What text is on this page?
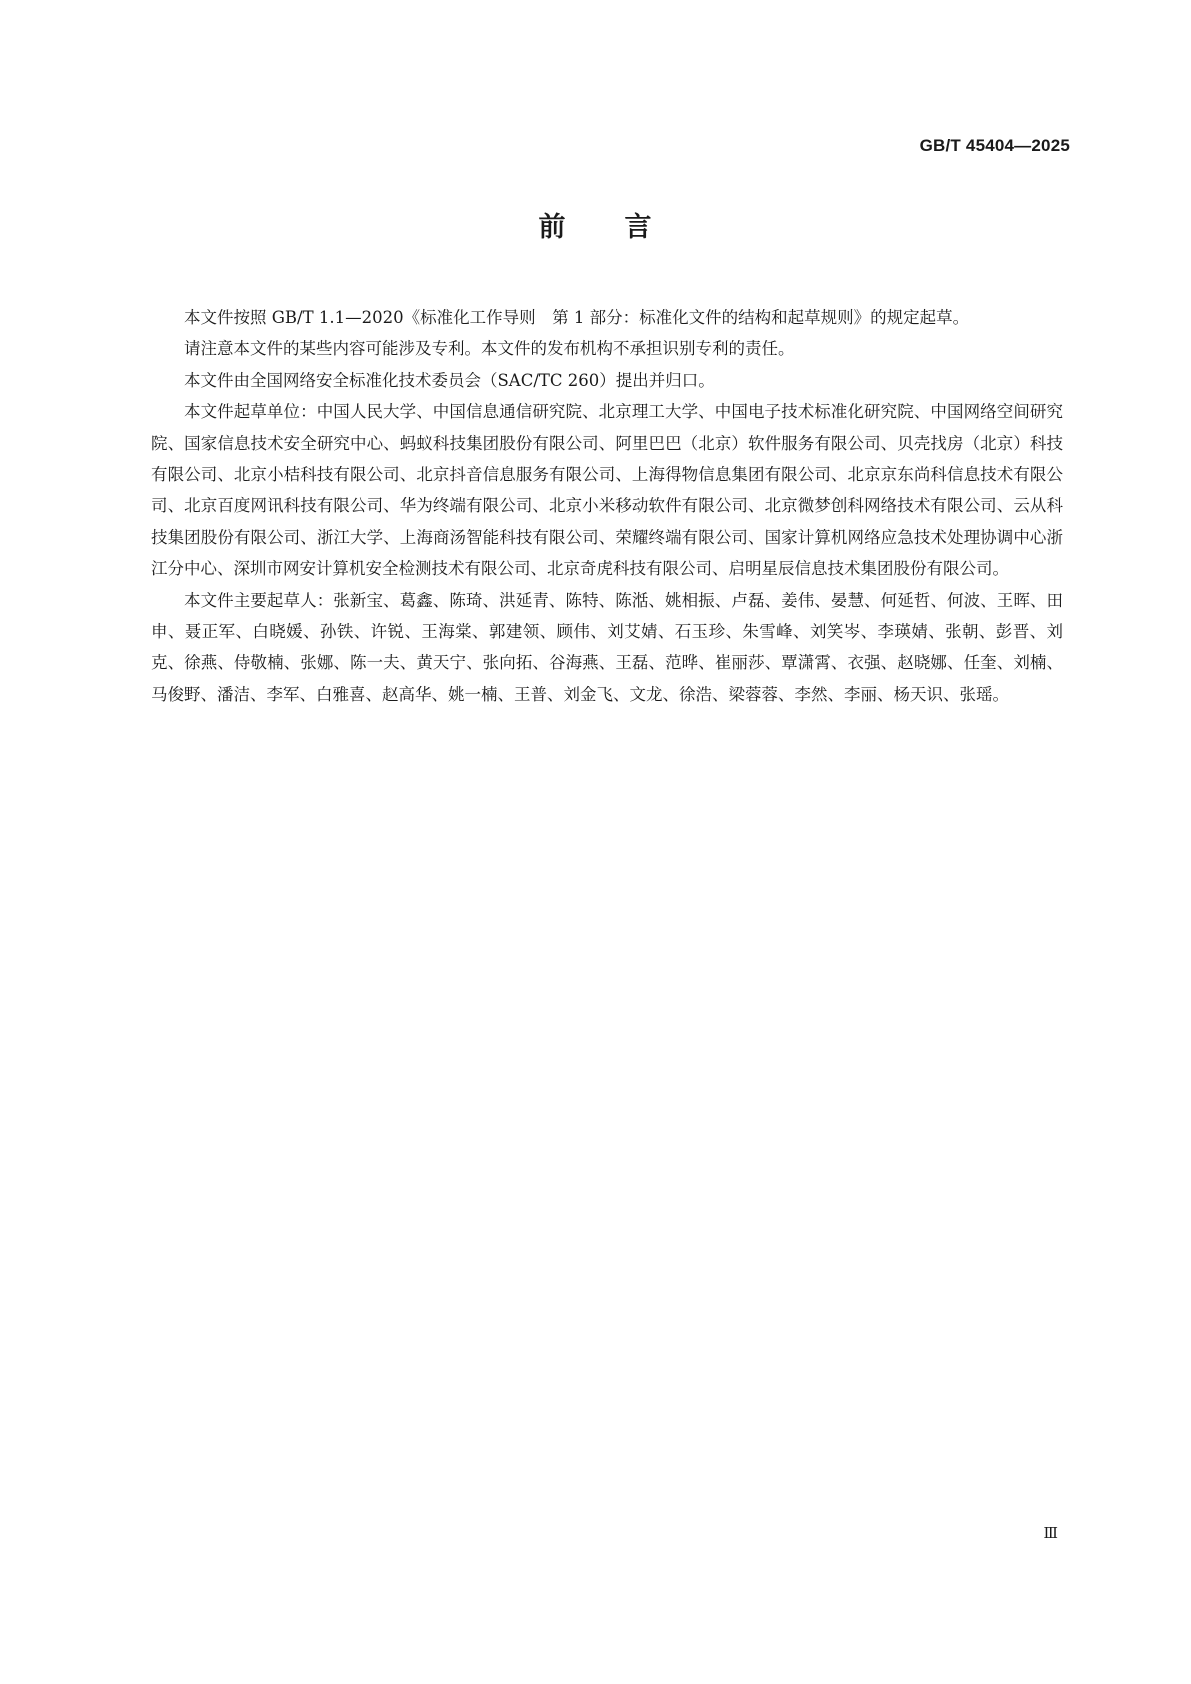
GB/T 45404—2025
前 言

本文件按照 GB/T 1.1—2020《标准化工作导则　第 1 部分：标准化文件的结构和起草规则》的规定起草。

请注意本文件的某些内容可能涉及专利。本文件的发布机构不承担识别专利的责任。

本文件由全国网络安全标准化技术委员会（SAC/TC 260）提出并归口。

本文件起草单位：中国人民大学、中国信息通信研究院、北京理工大学、中国电子技术标准化研究院、中国网络空间研究院、国家信息技术安全研究中心、蚂蚁科技集团股份有限公司、阿里巴巴（北京）软件服务有限公司、贝壳找房（北京）科技有限公司、北京小桔科技有限公司、北京抖音信息服务有限公司、上海得物信息集团有限公司、北京京东尚科信息技术有限公司、北京百度网讯科技有限公司、华为终端有限公司、北京小米移动软件有限公司、北京微梦创科网络技术有限公司、云从科技集团股份有限公司、浙江大学、上海商汤智能科技有限公司、荣耀终端有限公司、国家计算机网络应急技术处理协调中心浙江分中心、深圳市网安计算机安全检测技术有限公司、北京奇虎科技有限公司、启明星辰信息技术集团股份有限公司。

本文件主要起草人：张新宝、葛鑫、陈琦、洪延青、陈特、陈湉、姚相振、卢磊、姜伟、晏慧、何延哲、何波、王晖、田申、聂正军、白晓媛、孙铁、许锐、王海棠、郭建领、顾伟、刘艾婧、石玉珍、朱雪峰、刘笑岑、李瑛婧、张朝、彭晋、刘克、徐燕、侍敬楠、张娜、陈一夫、黄天宁、张向拓、谷海燕、王磊、范晔、崔丽莎、覃潇霄、衣强、赵晓娜、任奎、刘楠、马俊野、潘洁、李军、白雅喜、赵高华、姚一楠、王普、刘金飞、文龙、徐浩、梁蓉蓉、李然、李丽、杨天识、张瑶。

Ⅲ
